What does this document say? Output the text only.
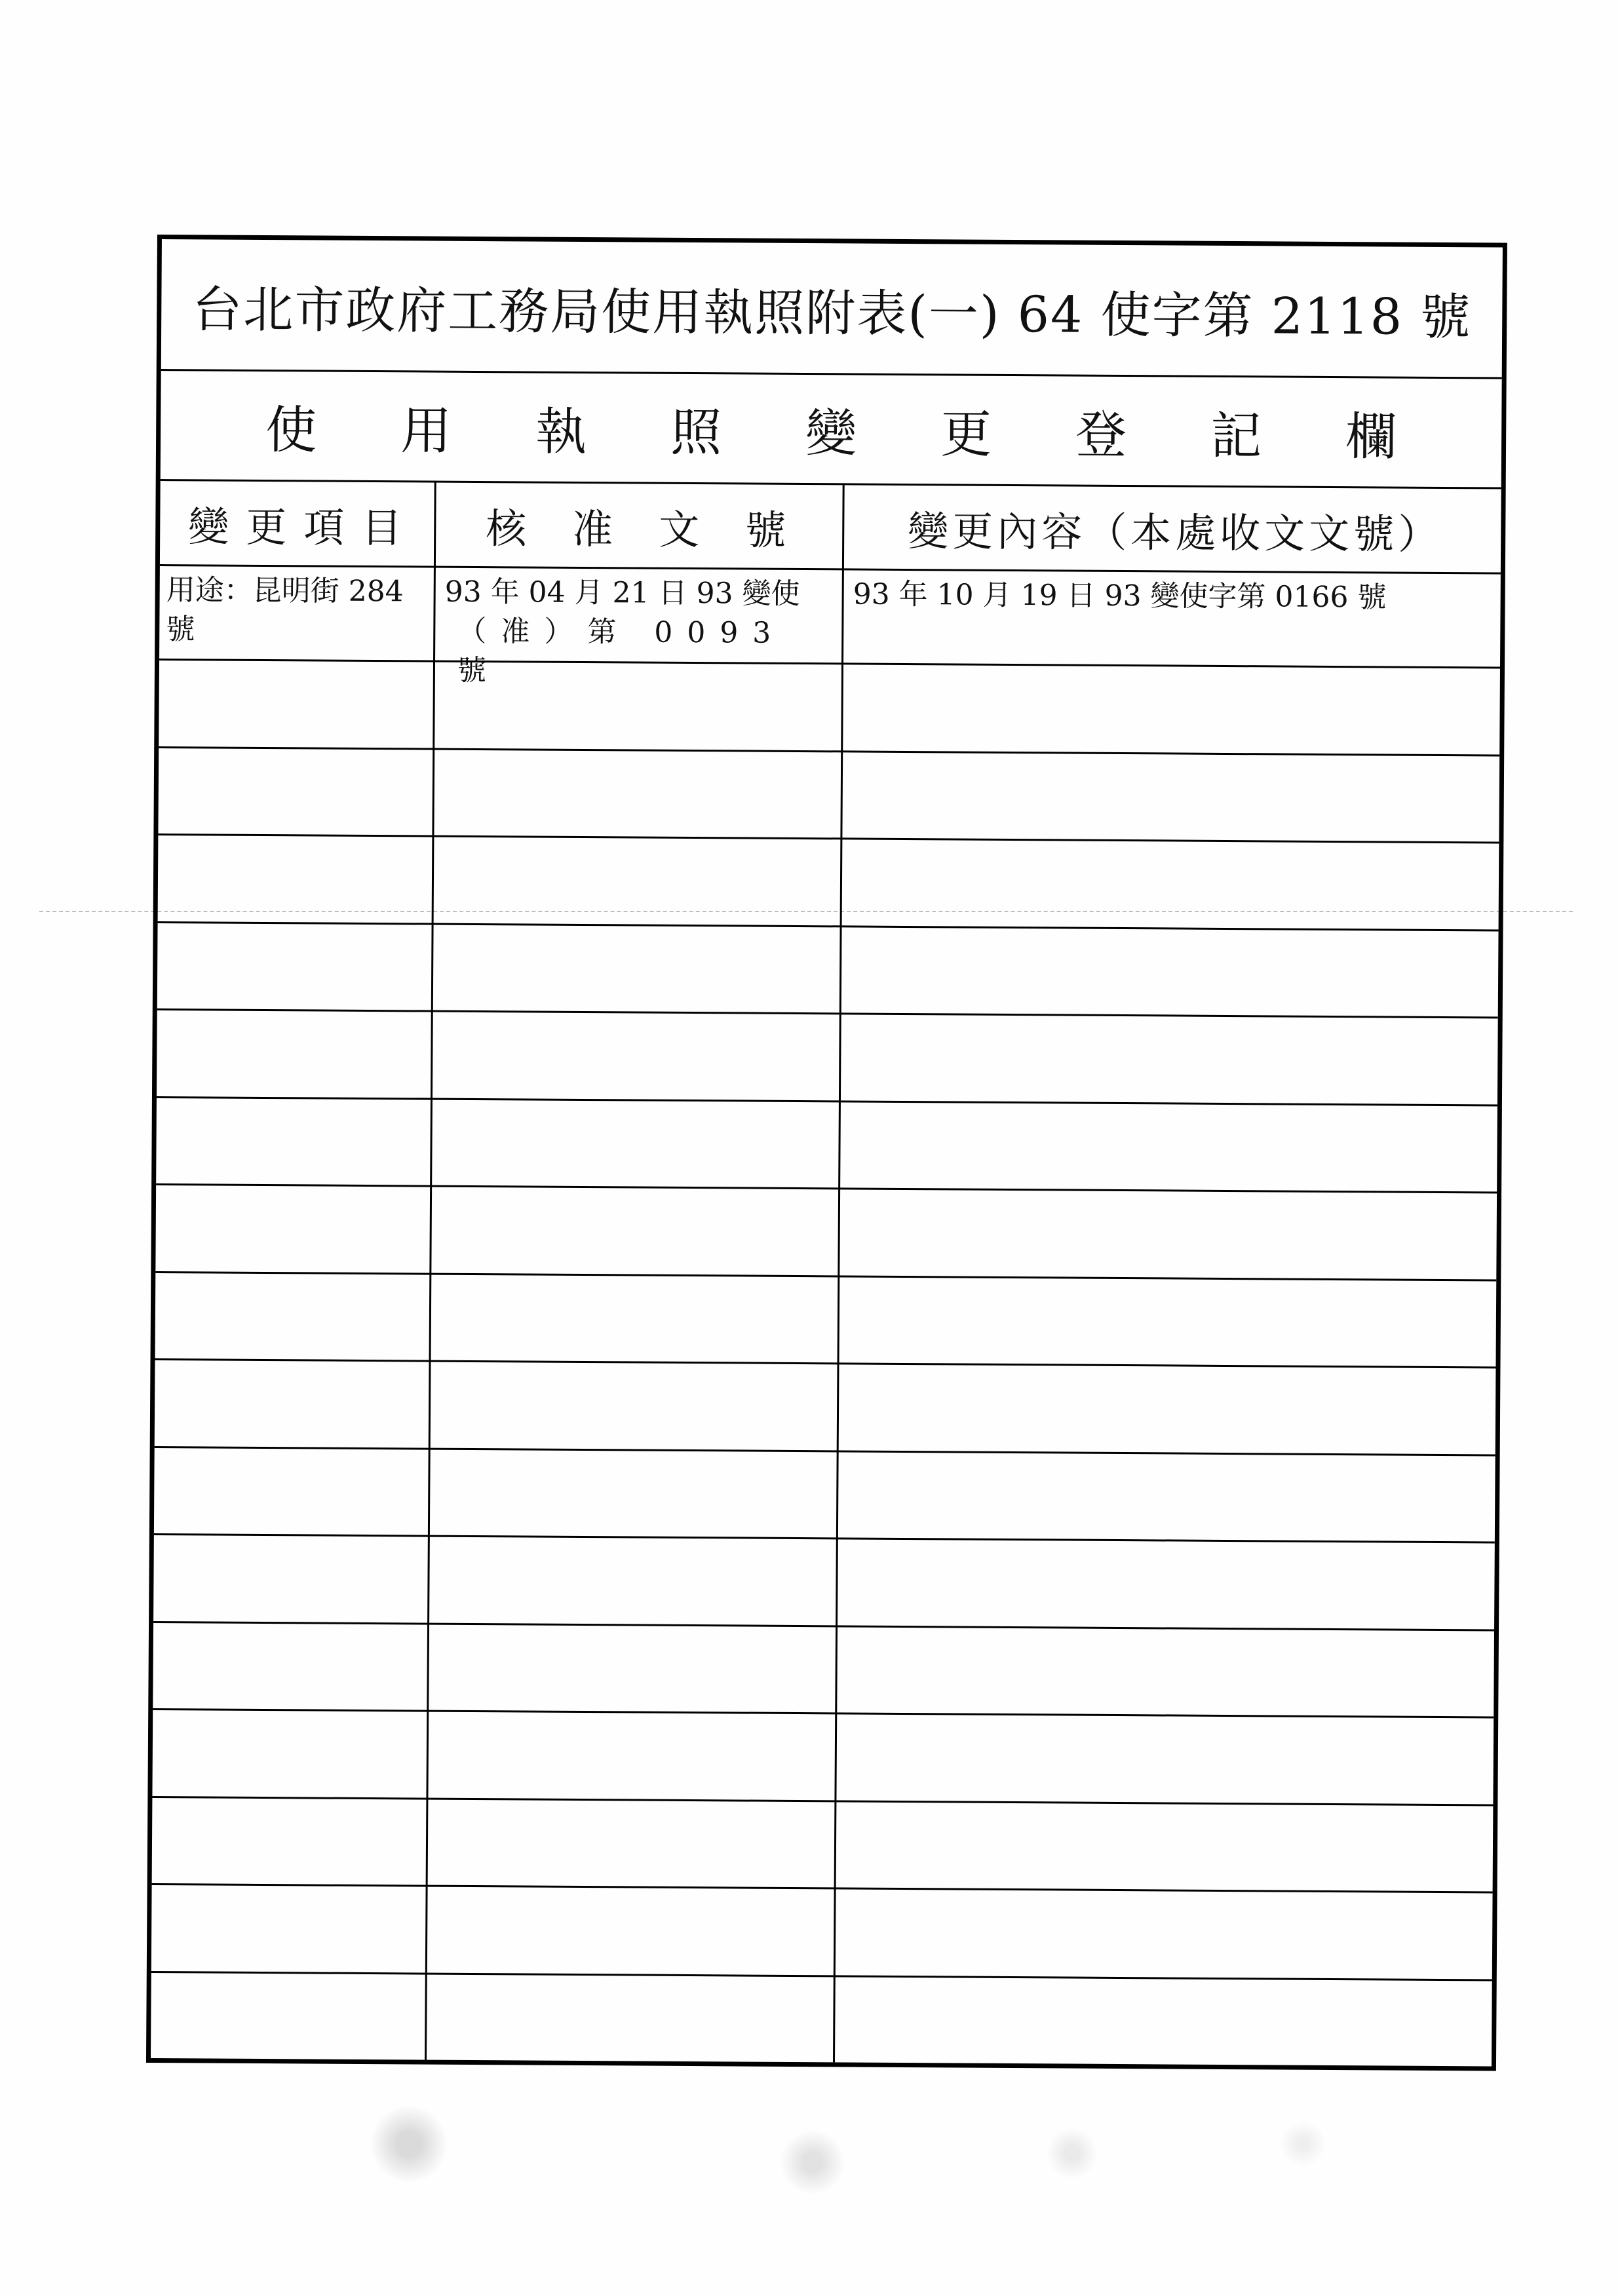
台北市政府工務局使用執照附表(一) 64 使字第 2118 號
使用執照變更登記欄
變更項目	核准文號	變更內容（本處收文文號）
用途：昆明街 284 號
93 年 04 月 21 日 93 變使
（准）第 0093 號
93 年 10 月 19 日 93 變使字第 0166 號
